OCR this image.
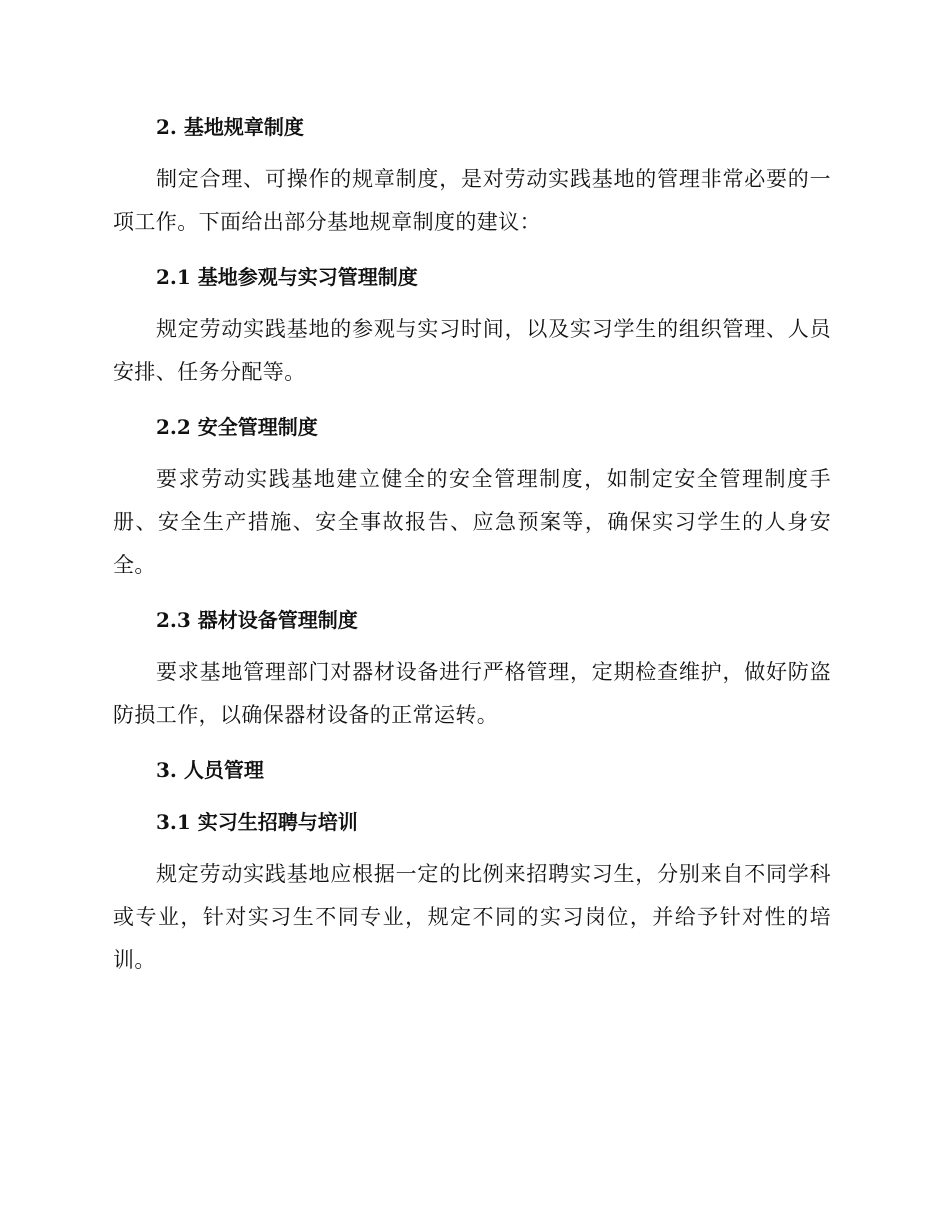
2. 基地规章制度

制定合理、可操作的规章制度，是对劳动实践基地的管理非常必要的一项工作。下面给出部分基地规章制度的建议：

2.1 基地参观与实习管理制度

规定劳动实践基地的参观与实习时间，以及实习学生的组织管理、人员安排、任务分配等。

2.2 安全管理制度

要求劳动实践基地建立健全的安全管理制度，如制定安全管理制度手册、安全生产措施、安全事故报告、应急预案等，确保实习学生的人身安全。

2.3 器材设备管理制度

要求基地管理部门对器材设备进行严格管理，定期检查维护，做好防盗防损工作，以确保器材设备的正常运转。

3. 人员管理
3.1 实习生招聘与培训

规定劳动实践基地应根据一定的比例来招聘实习生，分别来自不同学科或专业，针对实习生不同专业，规定不同的实习岗位，并给予针对性的培训。
